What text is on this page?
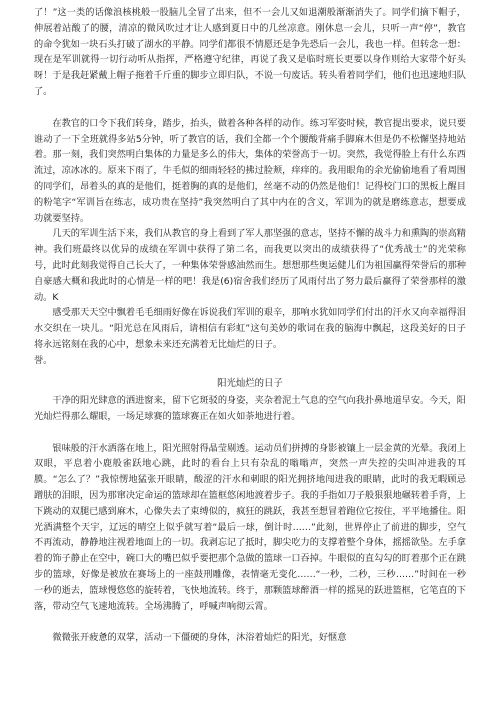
了！”这一类的话像浪核桃般一股脑儿全冒了出来，但不一会儿又如退潮般渐渐消失了。同学们摘下帽子，伸展着站酸了的腰，清凉的微风吹过才让人感到夏日中的几丝凉意。刚休息一会儿，只听一声“停”，教官的命令犹如一块石头打破了湖水的平静。同学们都很不情愿还是争先恐后一会儿，我也一样。但转念一想：现在是军训就得一切行动听从指挥，严格遵守纪律，再说了我又是临时班长更要以身作则给大家带个好头呀！于是我赶紧戴上帽子拖着千斤重的脚步立即归队，不说一句废话。转头看着同学们，他们也迅速地归队了。

在教官的口令下我们转身，踏步，抬头，做着各种各样的动作。练习军姿时候，教官提出要求，说只要谁动了一下全班就得多站5分钟，听了教官的话，我们全都一个个腰酸背痛手脚麻木但是仍不松懈坚持地站着。那一刻，我们突然明白集体的力量是多么的伟大，集体的荣誉高于一切。突然，我觉得脸上有什么东西流过，凉冰冰的。原来下雨了，牛毛似的细雨轻轻的拂过脸颊，痒痒的。我用眼角的余光偷偷地看了看周围的同学们，昂着头的真的是他们，挺着胸的真的是他们，丝毫不动的仍然是他们！记得校门口的黑板上醒目的粉笔字“军训旨在练志，成功贵在坚持”我突然明白了其中内在的含义，军训为的就是磨练意志，想要成功就要坚持。

几天的军训生活下来，我们从教官的身上看到了军人那坚强的意志，坚持不懈的战斗力和熏陶的崇高精神。我们班最终以优异的成绩在军训中获得了第二名，而我更以突出的成绩获得了“优秀战士”的光荣称号，此时此刻我觉得自己长大了，一种集体荣誉感油然而生。想想那些奥运健儿们为祖国赢得荣誉后的那种自豪感大概和我此时的心情是一样的吧！我是(6)宿舍我们经历了风雨付出了努力最后赢得了荣誉那样的激动。K

感受那天天空中飘着毛毛细雨好像在诉说我们军训的艰辛，那响水犹如同学们付出的汗水又向幸福得泪水交织在一块儿。“阳光总在风雨后，请相信有彩虹”这句美妙的歌词在我的脑海中飘起，这段美好的日子将永远铭刻在我的心中，想象未来还充满着无比灿烂的日子。

誉。

阳光灿烂的日子

干净的阳光肆意的洒进窗来，留下它斑驳的身姿，夹杂着泥土气息的空气向我扑鼻地道早安。今天，阳光灿烂得那么耀眼，一场足球赛的篮球赛正在如火如荼地进行着。

银味般的汗水洒落在地上，阳光照射得晶莹剔透。运动员们拼搏的身影被镶上一层金黄的光晕。我闭上双眼，平息着小鹿般雀跃地心跳，此时的看台上只有杂乱的嗡嗡声，突然一声失控的尖叫冲进我的耳膜。“怎么了？”我惊愣地猛张开眼睛，酸涩的汗水和刺眼的阳光拥挤地闯进我的眼睛，此时的我无暇顾忌蹭肤的泪眼，因为那窜决定命运的篮球却在篮框悠闲地渡着步子。我的手指如刀子般狠狠地碾转着手背，上下跳动的双腿已感到麻木，心像失去了束缚似的，疯狂的跳跃，我甚至想冒着跑位它按住，平平地播住。阳光酒满整个天宇，辽远的晴空上似乎就写着“最后一球，倒计时……”此刻，世界停止了前进的脚步，空气不再流动，静静地注视着地面上的一切。我剥忘记了抵时，脚尖吃力的支撑着整个身体，摇摇欲坠。左手拿着的饰子静止在空中，碗口大的嘴巴似乎要把那个急做的篮球一口吞掉。牛眼似的直勾勾的盯着那个正在跳步的篮球，好像是被放在赛场上的一座鼓刑雕像，表情毫无变化……“一秒，二秒，三秒……”时间在一秒一秒的逝去，篮球慢悠悠的旋转着，飞快地流转。终于，那颗篮球醉酒一样的摇晃的跃进篮框，它笔直的下落，带动空气飞速地流转。全场沸腾了，呼喊声响彻云霄。

微微张开疲惫的双掌，活动一下僵硬的身体，沐浴着灿烂的阳光，好惬意
